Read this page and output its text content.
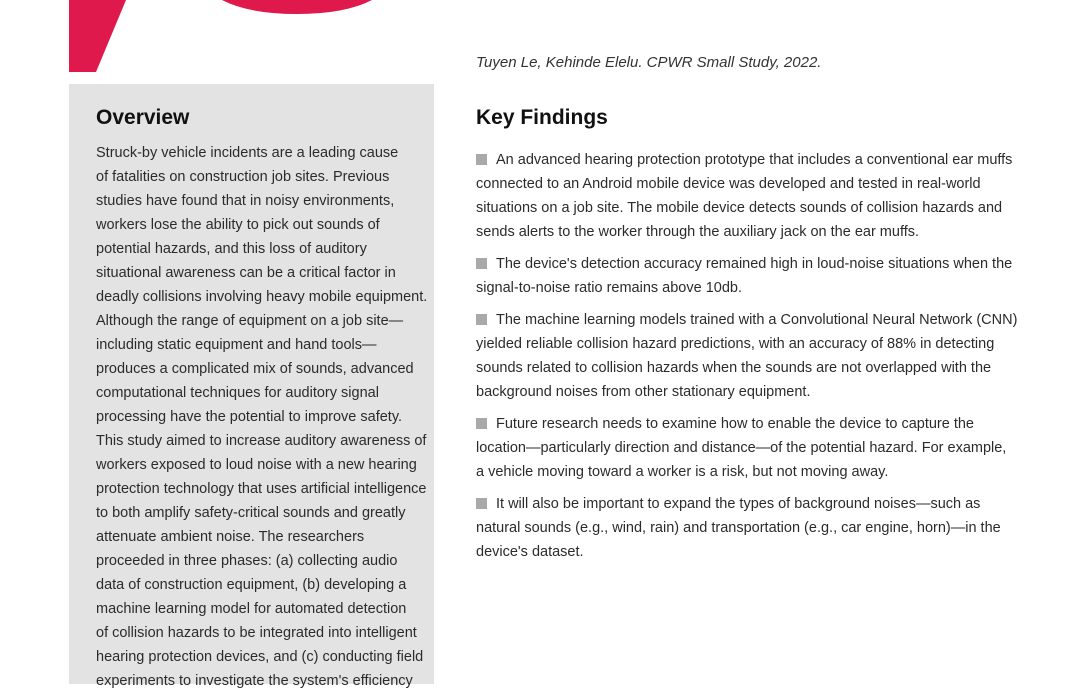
Tuyen Le, Kehinde Elelu. CPWR Small Study, 2022.
Overview
Struck-by vehicle incidents are a leading cause
of fatalities on construction job sites. Previous
studies have found that in noisy environments,
workers lose the ability to pick out sounds of
potential hazards, and this loss of auditory
situational awareness can be a critical factor in
deadly collisions involving heavy mobile equipment.
Although the range of equipment on a job site—
including static equipment and hand tools—
produces a complicated mix of sounds, advanced
computational techniques for auditory signal
processing have the potential to improve safety.
This study aimed to increase auditory awareness of
workers exposed to loud noise with a new hearing
protection technology that uses artificial intelligence
to both amplify safety-critical sounds and greatly
attenuate ambient noise. The researchers
proceeded in three phases: (a) collecting audio
data of construction equipment, (b) developing a
machine learning model for automated detection
of collision hazards to be integrated into intelligent
hearing protection devices, and (c) conducting field
experiments to investigate the system's efficiency
Key Findings
An advanced hearing protection prototype that includes a conventional ear muffs
connected to an Android mobile device was developed and tested in real-world
situations on a job site. The mobile device detects sounds of collision hazards and
sends alerts to the worker through the auxiliary jack on the ear muffs.
The device's detection accuracy remained high in loud-noise situations when the
signal-to-noise ratio remains above 10db.
The machine learning models trained with a Convolutional Neural Network (CNN)
yielded reliable collision hazard predictions, with an accuracy of 88% in detecting
sounds related to collision hazards when the sounds are not overlapped with the
background noises from other stationary equipment.
Future research needs to examine how to enable the device to capture the
location—particularly direction and distance—of the potential hazard. For example,
a vehicle moving toward a worker is a risk, but not moving away.
It will also be important to expand the types of background noises—such as
natural sounds (e.g., wind, rain) and transportation (e.g., car engine, horn)—in the
device's dataset.
